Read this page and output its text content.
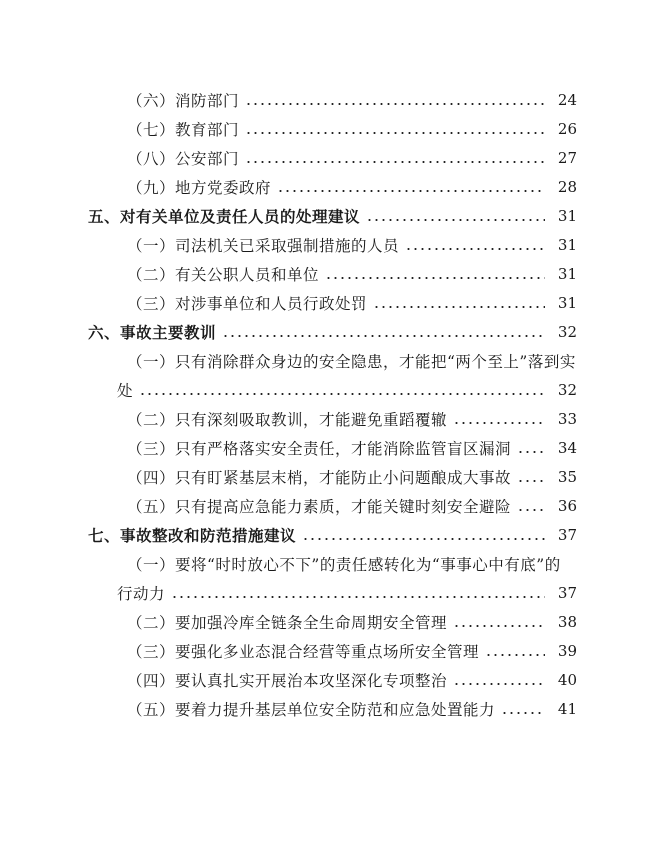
（六）消防部门	24
（七）教育部门	26
（八）公安部门	27
（九）地方党委政府	28
五、对有关单位及责任人员的处理建议	31
（一）司法机关已采取强制措施的人员	31
（二）有关公职人员和单位	31
（三）对涉事单位和人员行政处罚	31
六、事故主要教训	32
（一）只有消除群众身边的安全隐患，才能把“两个至上”落到实
处	32
（二）只有深刻吸取教训，才能避免重蹈覆辙	33
（三）只有严格落实安全责任，才能消除监管盲区漏洞	34
（四）只有盯紧基层末梢，才能防止小问题酿成大事故	35
（五）只有提高应急能力素质，才能关键时刻安全避险	36
七、事故整改和防范措施建议	37
（一）要将“时时放心不下”的责任感转化为“事事心中有底”的
行动力	37
（二）要加强冷库全链条全生命周期安全管理	38
（三）要强化多业态混合经营等重点场所安全管理	39
（四）要认真扎实开展治本攻坚深化专项整治	40
（五）要着力提升基层单位安全防范和应急处置能力	41
